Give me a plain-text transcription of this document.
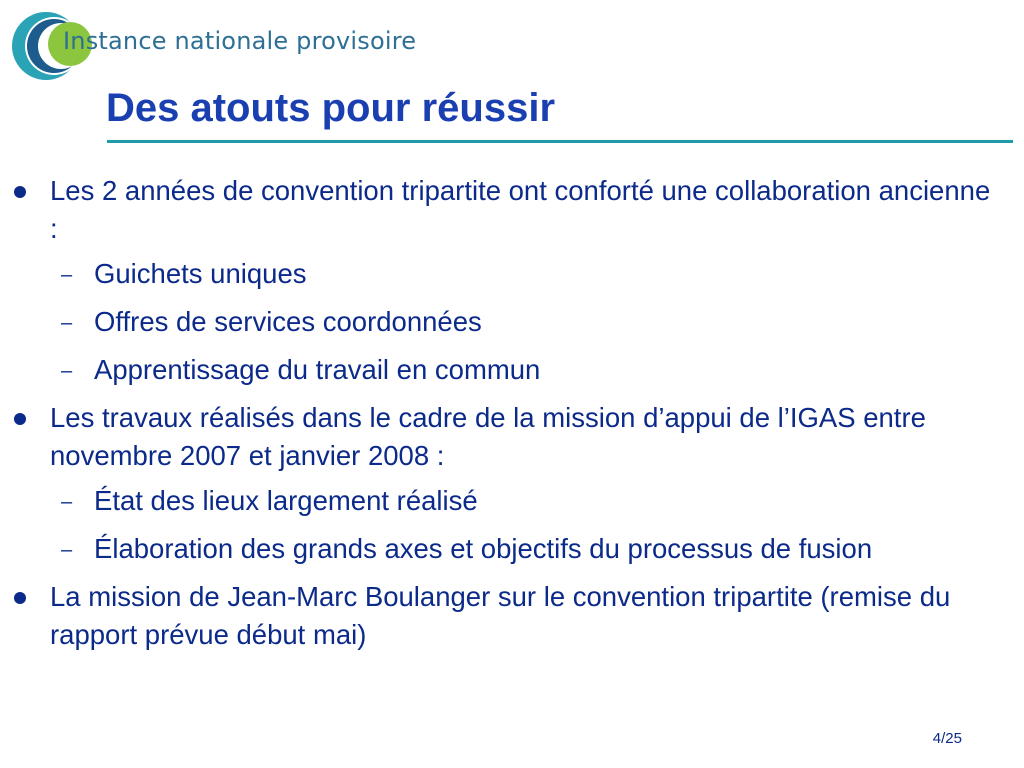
Instance nationale provisoire
Des atouts pour réussir
Les 2 années de convention tripartite ont conforté une collaboration ancienne :
– Guichets uniques
– Offres de services coordonnées
– Apprentissage du travail en commun
Les travaux réalisés dans le cadre de la mission d’appui de l’IGAS entre novembre 2007 et janvier 2008 :
– État des lieux largement réalisé
– Élaboration des grands axes et objectifs du processus de fusion
La mission de Jean-Marc Boulanger sur le convention tripartite (remise du rapport prévue début mai)
4/25
